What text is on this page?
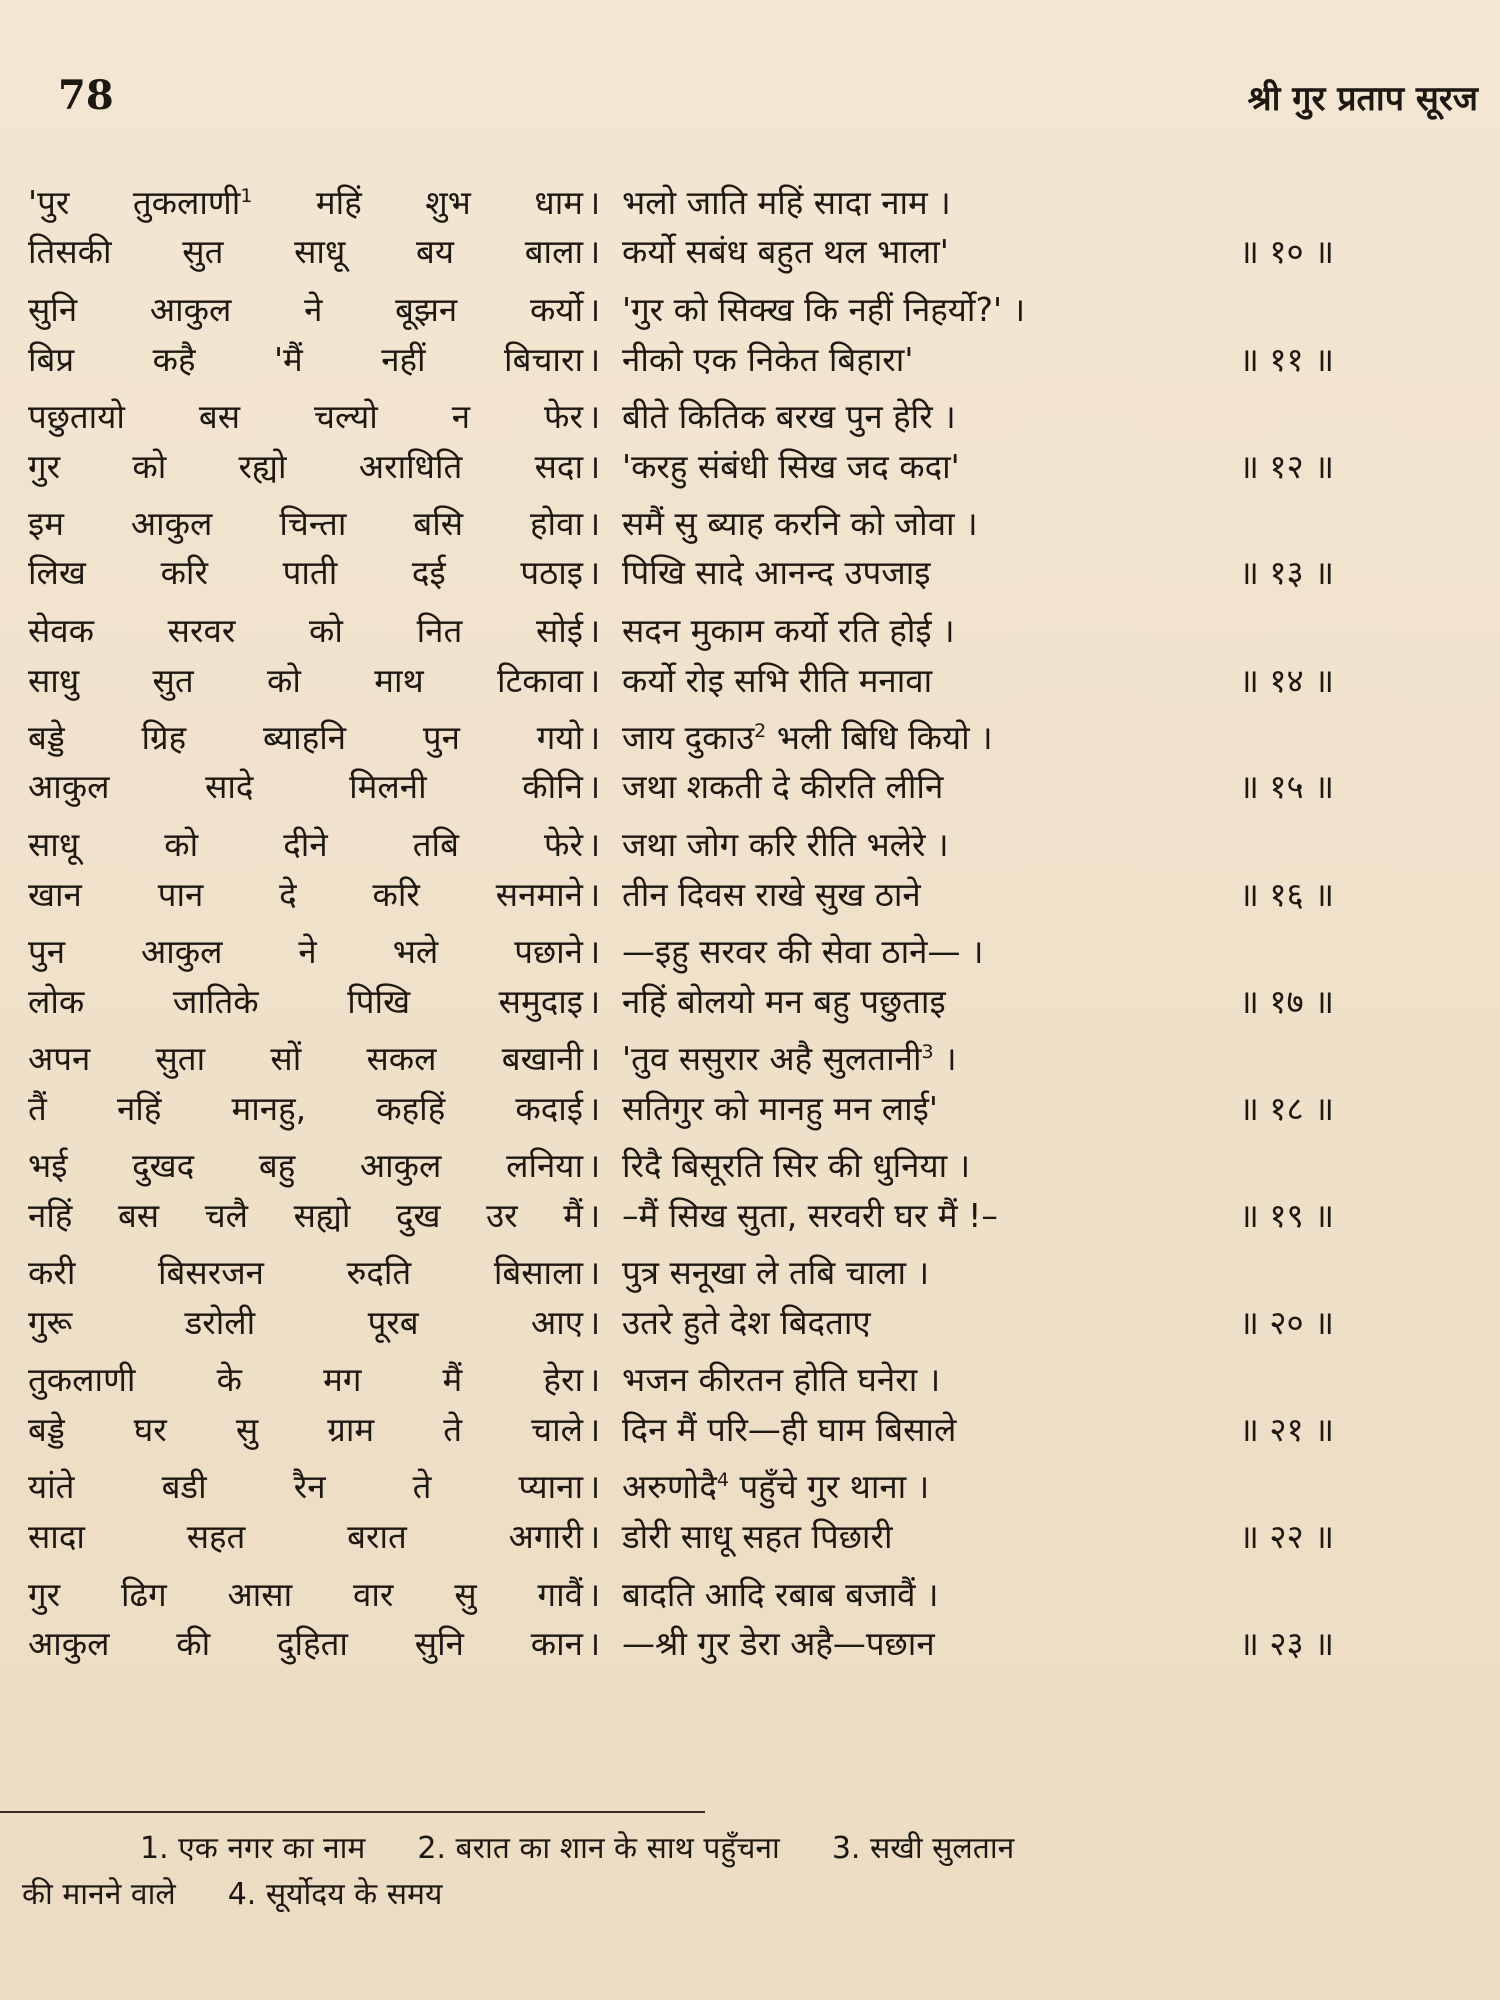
78	श्री गुर प्रताप सूरज
'पुर तुकलाणी$^1$ महिं शुभ धाम । भलो जाति महिं सादा नाम ।
तिसकी सुत साधू बय बाला । कर्यो सबंध बहुत थल भाला'	॥ १० ॥
सुनि आकुल ने बूझन कर्यो । 'गुर को सिक्ख कि नहीं निहर्यो?' ।
बिप्र कहै 'मैं नहीं बिचारा । नीको एक निकेत बिहारा'	॥ ११ ॥
पछुतायो बस चल्यो न फेर । बीते कितिक बरख पुन हेरि ।
गुर को रह्यो अराधिति सदा । 'करहु संबंधी सिख जद कदा'	॥ १२ ॥
इम आकुल चिन्ता बसि होवा । समैं सु ब्याह करनि को जोवा ।
लिख करि पाती दई पठाइ । पिखि सादे आनन्द उपजाइ	॥ १३ ॥
सेवक सरवर को नित सोई । सदन मुकाम कर्यो रति होई ।
साधु सुत को माथ टिकावा । कर्यो रोइ सभि रीति मनावा	॥ १४ ॥
बड्डे ग्रिह ब्याहनि पुन गयो । जाय दुकाउ$^2$ भली बिधि कियो ।
आकुल सादे मिलनी कीनि । जथा शकती दे कीरति लीनि	॥ १५ ॥
साधू को दीने तबि फेरे । जथा जोग करि रीति भलेरे ।
खान पान दे करि सनमाने । तीन दिवस राखे सुख ठाने	॥ १६ ॥
पुन आकुल ने भले पछाने । —इहु सरवर की सेवा ठाने— ।
लोक जातिके पिखि समुदाइ । नहिं बोलयो मन बहु पछुताइ	॥ १७ ॥
अपन सुता सों सकल बखानी । 'तुव ससुरार अहै सुलतानी$^3$ ।
तैं नहिं मानहु, कहहिं कदाई । सतिगुर को मानहु मन लाई'	॥ १८ ॥
भई दुखद बहु आकुल लनिया । रिदै बिसूरति सिर की धुनिया ।
नहिं बस चलै सह्यो दुख उर मैं । –मैं सिख सुता, सरवरी घर मैं !–	॥ १९ ॥
करी बिसरजन रुदति बिसाला । पुत्र सनूखा ले तबि चाला ।
गुरू डरोली पूरब आए । उतरे हुते देश बिदताए	॥ २० ॥
तुकलाणी के मग मैं हेरा । भजन कीरतन होति घनेरा ।
बड्डे घर सु ग्राम ते चाले । दिन मैं परि—ही घाम बिसाले	॥ २१ ॥
यांते बडी रैन ते प्याना । अरुणोदै$^4$ पहुँचे गुर थाना ।
सादा सहत बरात अगारी । डोरी साधू सहत पिछारी	॥ २२ ॥
गुर ढिग आसा वार सु गावैं । बादति आदि रबाब बजावैं ।
आकुल की दुहिता सुनि कान । —श्री गुर डेरा अहै—पछान	॥ २३ ॥

1. एक नगर का नाम 2. बरात का शान के साथ पहुँचना 3. सखी सुलतान

की मानने वाले 4. सूर्योदय के समय
